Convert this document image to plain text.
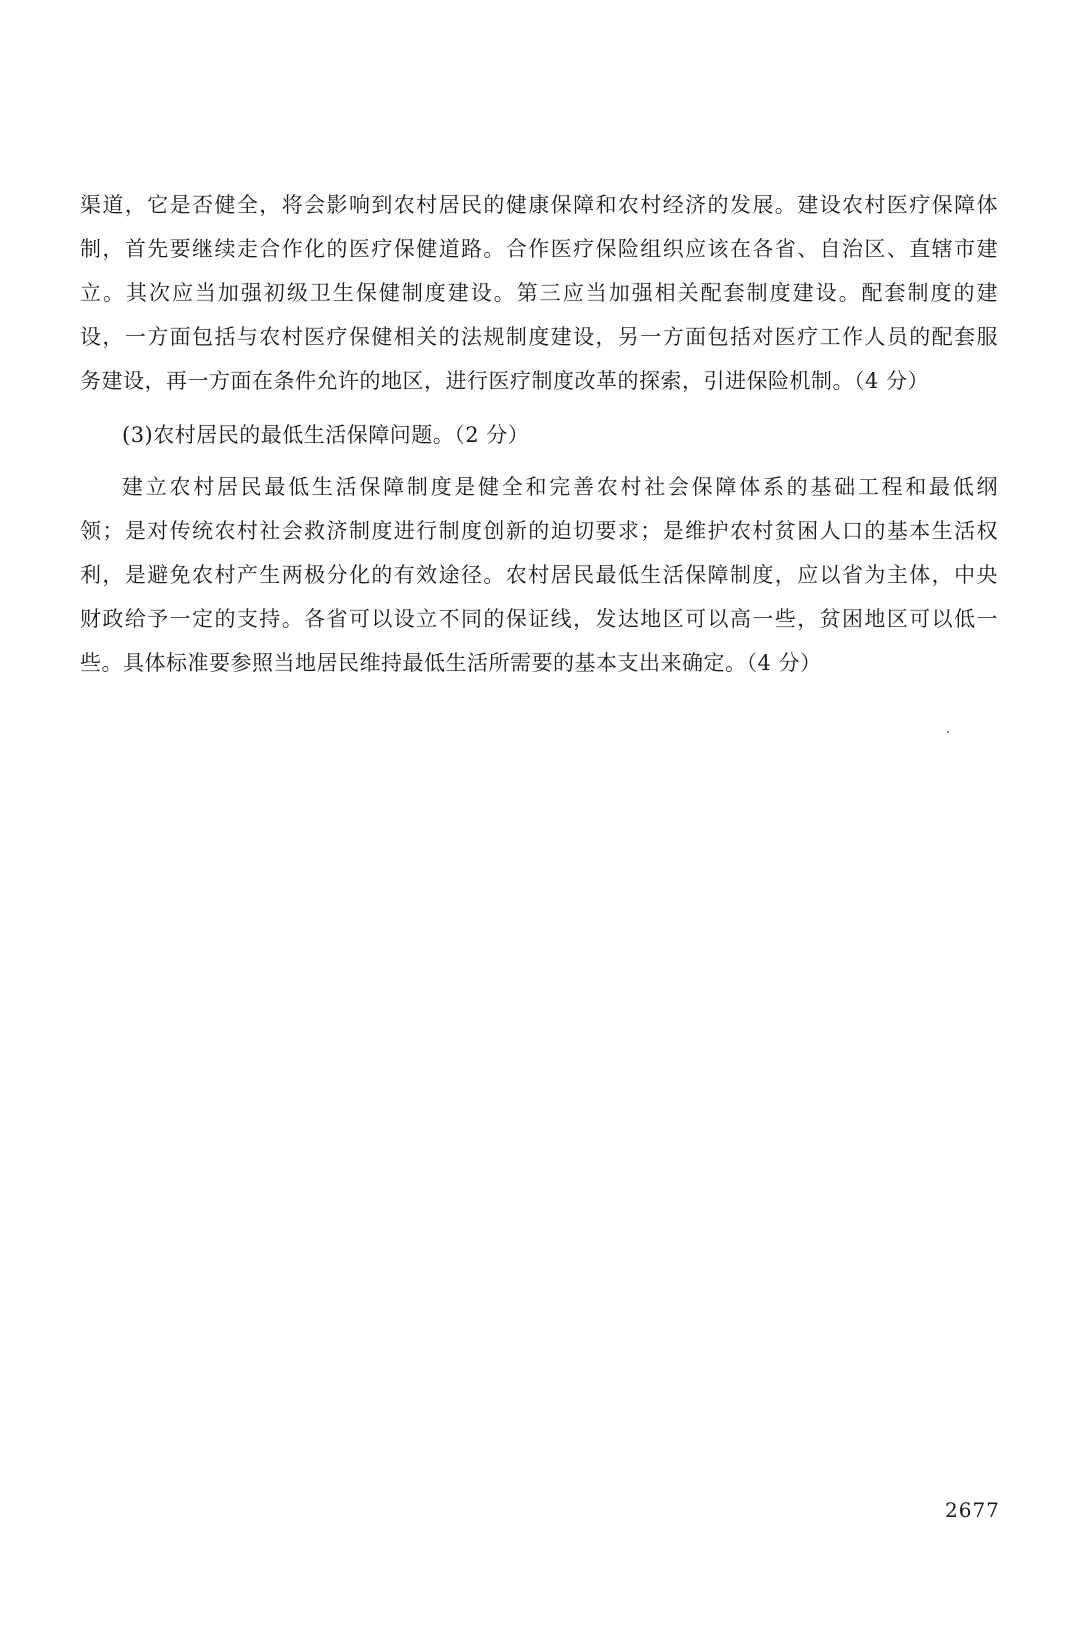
渠道，它是否健全，将会影响到农村居民的健康保障和农村经济的发展。建设农村医疗保障体
制，首先要继续走合作化的医疗保健道路。合作医疗保险组织应该在各省、自治区、直辖市建
立。其次应当加强初级卫生保健制度建设。第三应当加强相关配套制度建设。配套制度的建
设，一方面包括与农村医疗保健相关的法规制度建设，另一方面包括对医疗工作人员的配套服
务建设，再一方面在条件允许的地区，进行医疗制度改革的探索，引进保险机制。（4 分）
(3)农村居民的最低生活保障问题。（2 分）
建立农村居民最低生活保障制度是健全和完善农村社会保障体系的基础工程和最低纲
领；是对传统农村社会救济制度进行制度创新的迫切要求；是维护农村贫困人口的基本生活权
利，是避免农村产生两极分化的有效途径。农村居民最低生活保障制度，应以省为主体，中央
财政给予一定的支持。各省可以设立不同的保证线，发达地区可以高一些，贫困地区可以低一
些。具体标准要参照当地居民维持最低生活所需要的基本支出来确定。（4 分）
2677
